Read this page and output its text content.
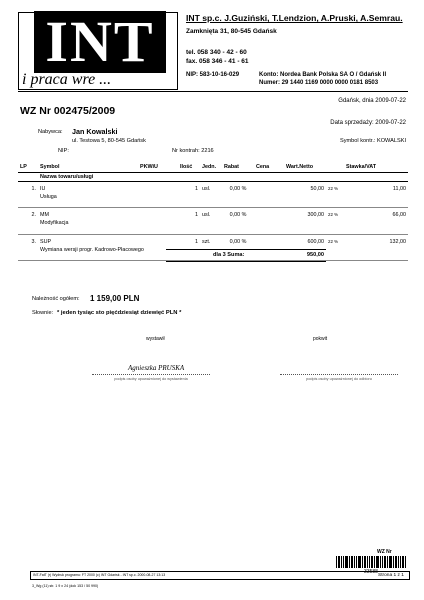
INT
i praca wre ...
INT sp.c. J.Guziński, T.Lendzion, A.Pruski, A.Semrau.
Zamknięta 31, 80-545 Gdańsk
tel. 058 340 - 42 - 60
fax. 058 346 - 41 - 61
NIP: 583-10-16-029	Konto: Nordea Bank Polska SA O / Gdańsk II
Numer: 29 1440 1169 0000 0000 0181 8503
Gdańsk, dnia 2009-07-22
WZ Nr 002475/2009
Data sprzedaży: 2009-07-22
Nabywca: Jan Kowalski
ul. Testowa 5, 80-545 Gdańsk	Symbol kontr.: KOWALSKI
NIP:	Nr kontrah: 2216
LP	Symbol	PKWiU	Ilość	Jedn.	Rabat	Cena	Wart.Netto		Stawka/VAT
	Nazwa towaru/usługi								
1.	IU		1	usl.	0,00 %		50,00	$^{22 \%}$	11,00
	Usługa								
2.	MM		1	usl.	0,00 %		300,00	$^{22 \%}$	66,00
	Modyfikacja								
3.	SUP		1	szt.	0,00 %		600,00	$^{22 \%}$	132,00
	Wymiana wersji progr. Kadrowo-Płacowego								
dla 3 Suma:	950,00
Należność ogółem: 1 159,00 PLN
Słownie: * jeden tysiąc sto pięćdziesiąt dziewięć PLN *
wystawił	pokwit
Agnieszka PRUSKA
podpis osoby upoważnionej do wystawienia	podpis osoby upoważnionej do odbioru
WZ Nr
33588
INT-FatT (r) Wydruk programu: FT 2000 (c) INT Gdańsk - INT sp.c. 2000-08-27 13:13	Strona 1 z 1
3_Wg (11) str. 1 9 x 24 (dok 153 / 50 990)
